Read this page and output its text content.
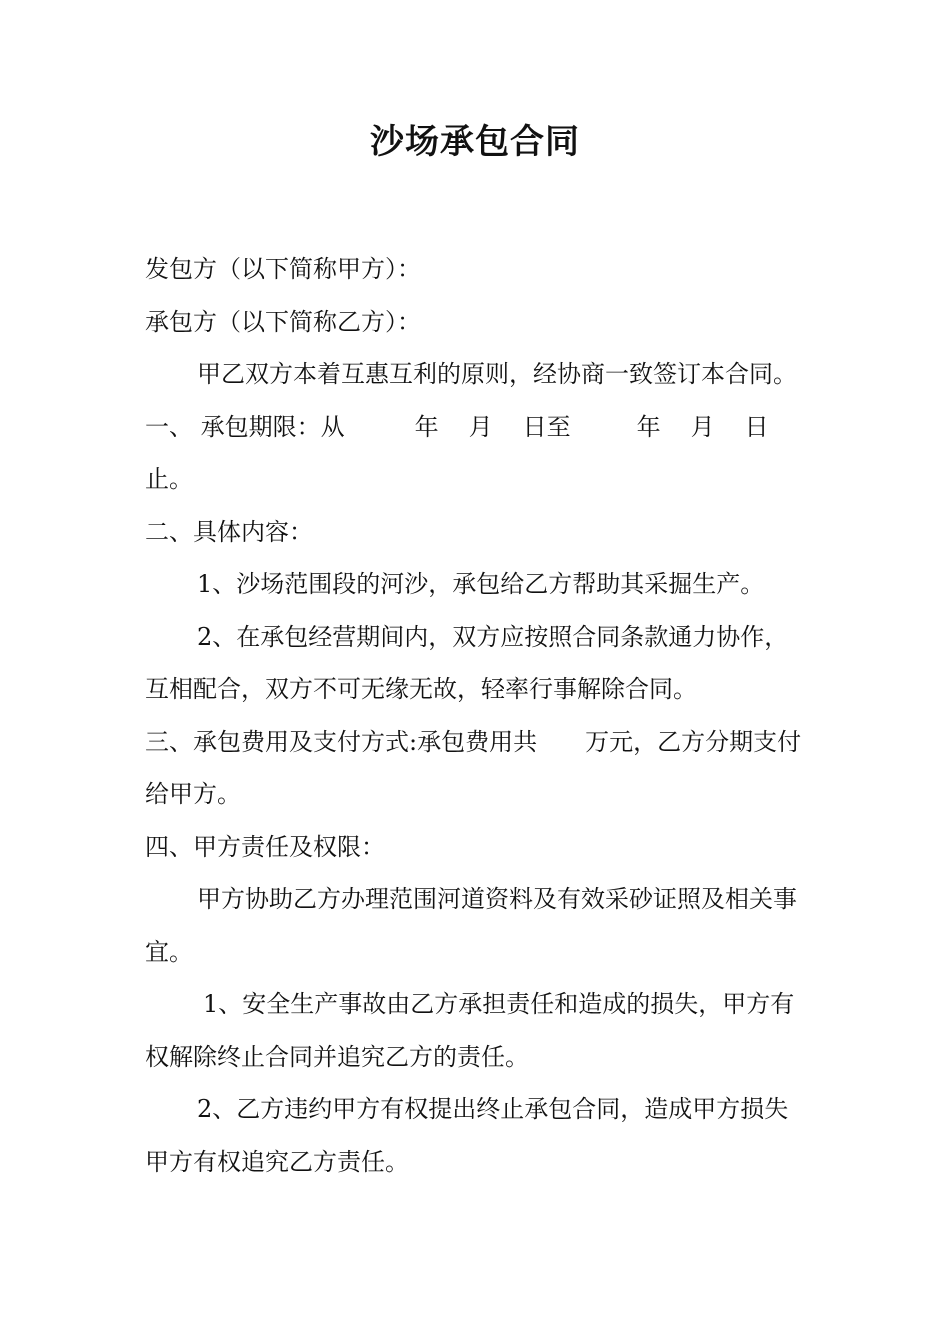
沙场承包合同

发包方（以下简称甲方）：

承包方（以下简称乙方）：

甲乙双方本着互惠互利的原则，经协商一致签订本合同。

一、 承包期限：从	年 月 日至	年 月 日止。

二、具体内容：

1、沙场范围段的河沙，承包给乙方帮助其采掘生产。

2、在承包经营期间内，双方应按照合同条款通力协作，互相配合，双方不可无缘无故，轻率行事解除合同。

三、承包费用及支付方式:承包费用共 万元，乙方分期支付给甲方。

四、甲方责任及权限：

甲方协助乙方办理范围河道资料及有效采砂证照及相关事宜。

1、安全生产事故由乙方承担责任和造成的损失，甲方有权解除终止合同并追究乙方的责任。

2、乙方违约甲方有权提出终止承包合同，造成甲方损失 甲方有权追究乙方责任。
